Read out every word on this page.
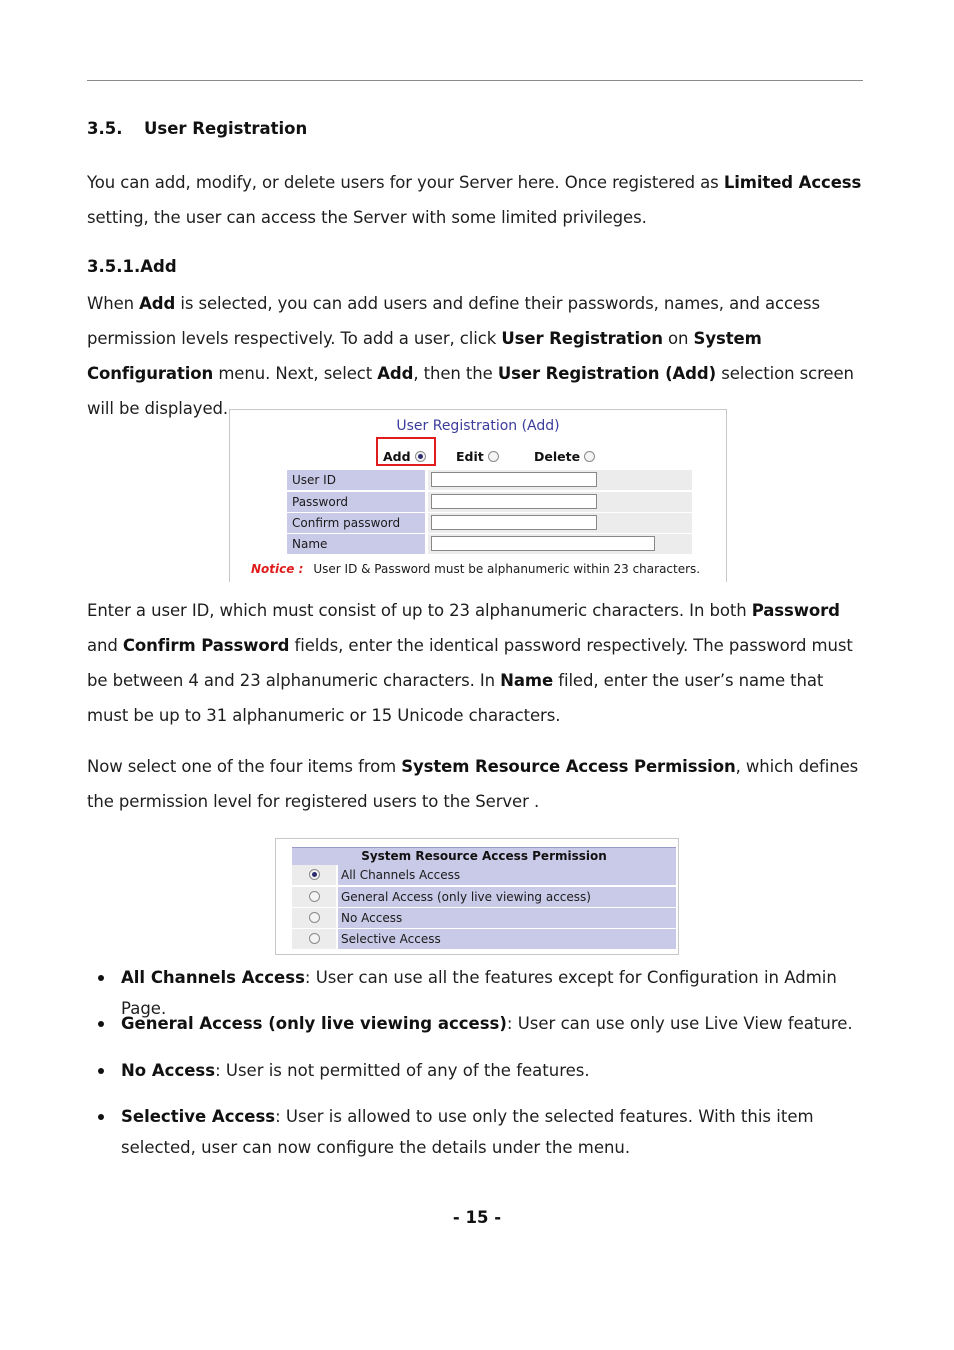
3.5. User Registration
You can add, modify, or delete users for your Server here. Once registered as Limited Access setting, the user can access the Server with some limited privileges.
3.5.1.Add
When Add is selected, you can add users and define their passwords, names, and access permission levels respectively. To add a user, click User Registration on System Configuration menu. Next, select Add, then the User Registration (Add) selection screen will be displayed.
User Registration (Add)
Add	Edit	Delete
User ID
Password
Confirm password
Name
Notice : User ID & Password must be alphanumeric within 23 characters.
Enter a user ID, which must consist of up to 23 alphanumeric characters. In both Password and Confirm Password fields, enter the identical password respectively. The password must be between 4 and 23 alphanumeric characters. In Name filed, enter the user’s name that must be up to 31 alphanumeric or 15 Unicode characters.
Now select one of the four items from System Resource Access Permission, which defines the permission level for registered users to the Server .
System Resource Access Permission
All Channels Access
General Access (only live viewing access)
No Access
Selective Access
All Channels Access: User can use all the features except for Configuration in Admin Page.
General Access (only live viewing access): User can use only use Live View feature.
No Access: User is not permitted of any of the features.
Selective Access: User is allowed to use only the selected features. With this item selected, user can now configure the details under the menu.
- 15 -
